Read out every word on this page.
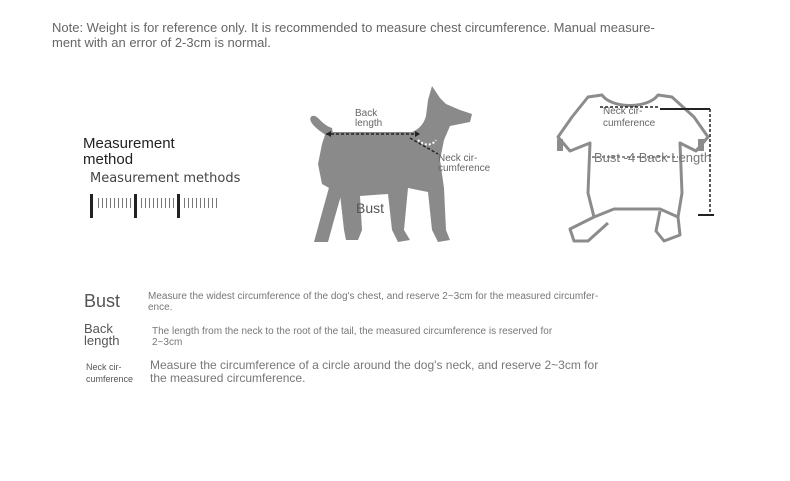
Note: Weight is for reference only. It is recommended to measure chest circumference. Manual measure-
ment with an error of 2-3cm is normal.
Measurement
method
Measurement methods
Back
length
Neck cir-
cumference
Bust
Neck cir-
cumference
Bust -4 Back Length
Bust	Measure the widest circumference of the dog's chest, and reserve 2~3cm for the measured circumfer-
ence.
Back
length
The length from the neck to the root of the tail, the measured circumference is reserved for
2~3cm
Neck cir-
cumference
Measure the circumference of a circle around the dog's neck, and reserve 2~3cm for
the measured circumference.
